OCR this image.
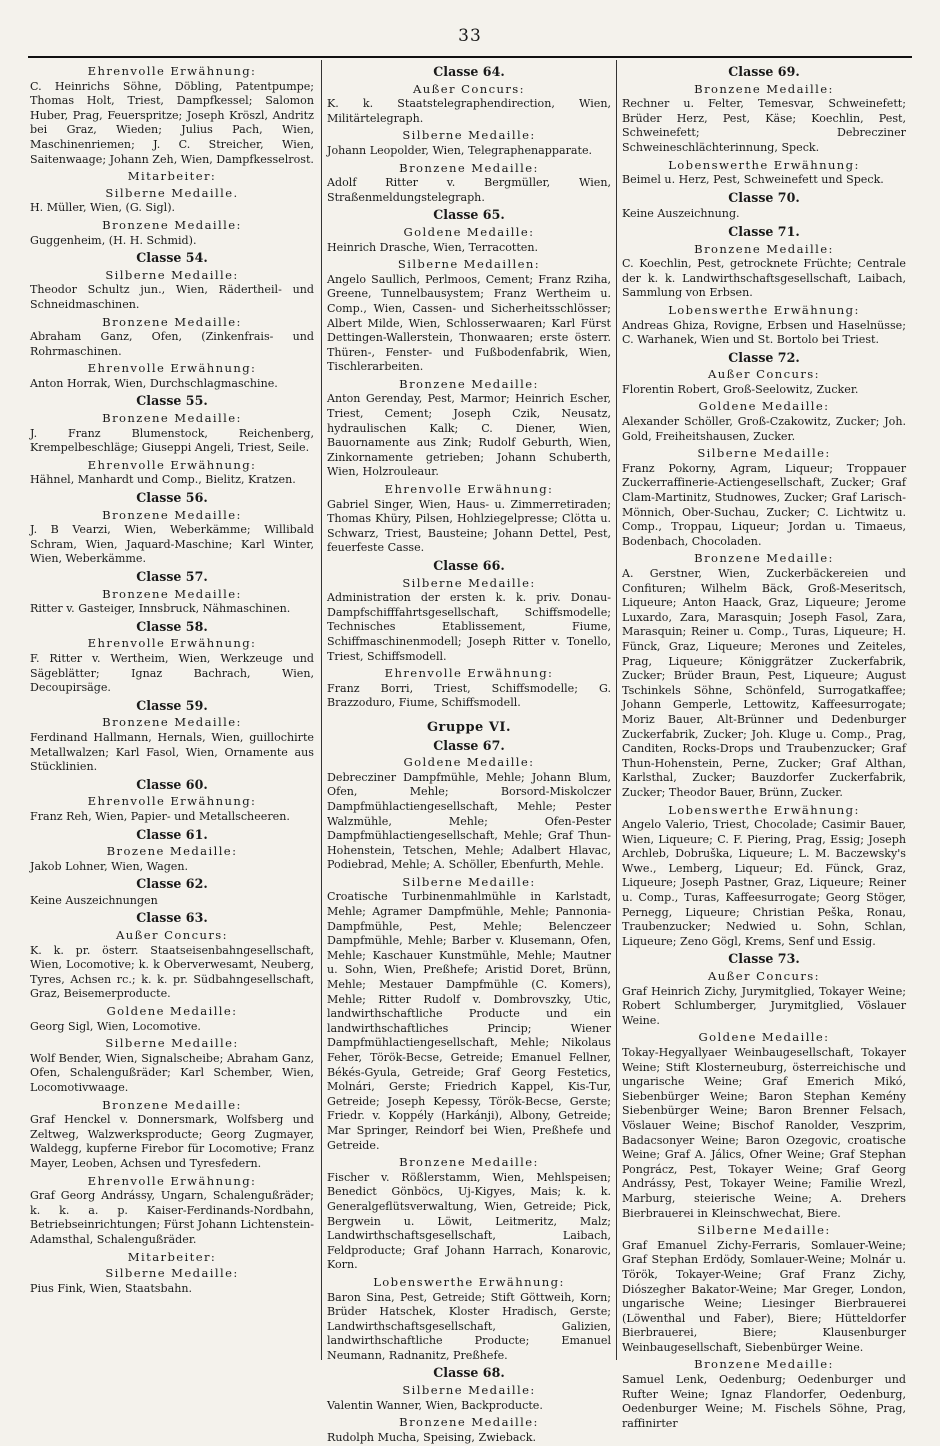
33
Ehrenvolle Erwähnung:
C. Heinrichs Söhne, Döbling, Patentpumpe; Thomas Holt, Triest, Dampfkessel; Salomon Huber, Prag, Feuerspritze; Joseph Kröszl, Andritz bei Graz, Wieden; Julius Pach, Wien, Maschinenriemen; J. C. Streicher, Wien, Saitenwaage; Johann Zeh, Wien, Dampfkesselrost.
Mitarbeiter:
Silberne Medaille.
H. Müller, Wien, (G. Sigl).
Bronzene Medaille:
Guggenheim, (H. H. Schmid).
Classe 54.
Silberne Medaille:
Theodor Schultz jun., Wien, Rädertheil- und Schneidmaschinen.
Bronzene Medaille:
Abraham Ganz, Ofen, (Zinkenfrais- und Rohrmaschinen.
Ehrenvolle Erwähnung:
Anton Horrak, Wien, Durchschlagmaschine.
Classe 55.
Bronzene Medaille:
J. Franz Blumenstock, Reichenberg, Krempelbeschläge; Giuseppi Angeli, Triest, Seile.
Ehrenvolle Erwähnung:
Hähnel, Manhardt und Comp., Bielitz, Kratzen.
Classe 56.
Bronzene Medaille:
J. B Vearzi, Wien, Weberkämme; Willibald Schram, Wien, Jaquard-Maschine; Karl Winter, Wien, Weberkämme.
Classe 57.
Bronzene Medaille:
Ritter v. Gasteiger, Innsbruck, Nähmaschinen.
Classe 58.
Ehrenvolle Erwähnung:
F. Ritter v. Wertheim, Wien, Werkzeuge und Sägeblätter; Ignaz Bachrach, Wien, Decoupirsäge.
Classe 59.
Bronzene Medaille:
Ferdinand Hallmann, Hernals, Wien, guillochirte Metallwalzen; Karl Fasol, Wien, Ornamente aus Stücklinien.
Classe 60.
Ehrenvolle Erwähnung:
Franz Reh, Wien, Papier- und Metallscheeren.
Classe 61.
Brozene Medaille:
Jakob Lohner, Wien, Wagen.
Classe 62.
Keine Auszeichnungen
Classe 63.
Außer Concurs:
K. k. pr. österr. Staatseisenbahngesellschaft, Wien, Locomotive; k. k Oberverwesamt, Neuberg, Tyres, Achsen rc.; k. k. pr. Südbahngesellschaft, Graz, Beisemerproducte.
Goldene Medaille:
Georg Sigl, Wien, Locomotive.
Silberne Medaille:
Wolf Bender, Wien, Signalscheibe; Abraham Ganz, Ofen, Schalengußräder; Karl Schember, Wien, Locomotivwaage.
Bronzene Medaille:
Graf Henckel v. Donnersmark, Wolfsberg und Zeltweg, Walzwerksproducte; Georg Zugmayer, Waldegg, kupferne Firebor für Locomotive; Franz Mayer, Leoben, Achsen und Tyresfedern.
Ehrenvolle Erwähnung:
Graf Georg Andrássy, Ungarn, Schalengußräder; k. k. a. p. Kaiser-Ferdinands-Nordbahn, Betriebseinrichtungen; Fürst Johann Lichtenstein-Adamsthal, Schalengußräder.
Mitarbeiter:
Silberne Medaille:
Pius Fink, Wien, Staatsbahn.
Classe 64.
Außer Concurs:
K. k. Staatstelegraphendirection, Wien, Militärtelegraph.
Silberne Medaille:
Johann Leopolder, Wien, Telegraphenapparate.
Bronzene Medaille:
Adolf Ritter v. Bergmüller, Wien, Straßenmeldungstelegraph.
Classe 65.
Goldene Medaille:
Heinrich Drasche, Wien, Terracotten.
Silberne Medaillen:
Angelo Saullich, Perlmoos, Cement; Franz Rziha, Greene, Tunnelbausystem; Franz Wertheim u. Comp., Wien, Cassen- und Sicherheitsschlösser; Albert Milde, Wien, Schlosserwaaren; Karl Fürst Dettingen-Wallerstein, Thonwaaren; erste österr. Thüren-, Fenster- und Fußbodenfabrik, Wien, Tischlerarbeiten.
Bronzene Medaille:
Anton Gerenday, Pest, Marmor; Heinrich Escher, Triest, Cement; Joseph Czik, Neusatz, hydraulischen Kalk; C. Diener, Wien, Bauornamente aus Zink; Rudolf Geburth, Wien, Zinkornamente getrieben; Johann Schuberth, Wien, Holzrouleaur.
Ehrenvolle Erwähnung:
Gabriel Singer, Wien, Haus- u. Zimmerretiraden; Thomas Khüry, Pilsen, Hohlziegelpresse; Clötta u. Schwarz, Triest, Bausteine; Johann Dettel, Pest, feuerfeste Casse.
Classe 66.
Silberne Medaille:
Administration der ersten k. k. priv. Donau-Dampfschifffahrtsgesellschaft, Schiffsmodelle; Technisches Etablissement, Fiume, Schiffmaschinenmodell; Joseph Ritter v. Tonello, Triest, Schiffsmodell.
Ehrenvolle Erwähnung:
Franz Borri, Triest, Schiffsmodelle; G. Brazzoduro, Fiume, Schiffsmodell.
Gruppe VI.
Classe 67.
Goldene Medaille:
Debrecziner Dampfmühle, Mehle; Johann Blum, Ofen, Mehle; Borsord-Miskolczer Dampfmühlactiengesellschaft, Mehle; Pester Walzmühle, Mehle; Ofen-Pester Dampfmühlactiengesellschaft, Mehle; Graf Thun-Hohenstein, Tetschen, Mehle; Adalbert Hlavac, Podiebrad, Mehle; A. Schöller, Ebenfurth, Mehle.
Silberne Medaille:
Croatische Turbinenmahlmühle in Karlstadt, Mehle; Agramer Dampfmühle, Mehle; Pannonia-Dampfmühle, Pest, Mehle; Belenczeer Dampfmühle, Mehle; Barber v. Klusemann, Ofen, Mehle; Kaschauer Kunstmühle, Mehle; Mautner u. Sohn, Wien, Preßhefe; Aristid Doret, Brünn, Mehle; Mestauer Dampfmühle (C. Komers), Mehle; Ritter Rudolf v. Dombrovszky, Utic, landwirthschaftliche Producte und ein landwirthschaftliches Princip; Wiener Dampfmühlactiengesellschaft, Mehle; Nikolaus Feher, Török-Becse, Getreide; Emanuel Fellner, Békés-Gyula, Getreide; Graf Georg Festetics, Molnári, Gerste; Friedrich Kappel, Kis-Tur, Getreide; Joseph Kepessy, Török-Becse, Gerste; Friedr. v. Koppély (Harkánji), Albony, Getreide; Mar Springer, Reindorf bei Wien, Preßhefe und Getreide.
Bronzene Medaille:
Fischer v. Rößlerstamm, Wien, Mehlspeisen; Benedict Gönböcs, Uj-Kigyes, Mais; k. k. Generalgeflütsverwaltung, Wien, Getreide; Pick, Bergwein u. Löwit, Leitmeritz, Malz; Landwirthschaftsgesellschaft, Laibach, Feldproducte; Graf Johann Harrach, Konarovic, Korn.
Lobenswerthe Erwähnung:
Baron Sina, Pest, Getreide; Stift Göttweih, Korn; Brüder Hatschek, Kloster Hradisch, Gerste; Landwirthschaftsgesellschaft, Galizien, landwirthschaftliche Producte; Emanuel Neumann, Radnanitz, Preßhefe.
Classe 68.
Silberne Medaille:
Valentin Wanner, Wien, Backproducte.
Bronzene Medaille:
Rudolph Mucha, Speising, Zwieback.
Classe 69.
Bronzene Medaille:
Rechner u. Felter, Temesvar, Schweinefett; Brüder Herz, Pest, Käse; Koechlin, Pest, Schweinefett; Debrecziner Schweineschlächterinnung, Speck.
Lobenswerthe Erwähnung:
Beimel u. Herz, Pest, Schweinefett und Speck.
Classe 70.
Keine Auszeichnung.
Classe 71.
Bronzene Medaille:
C. Koechlin, Pest, getrocknete Früchte; Centrale der k. k. Landwirthschaftsgesellschaft, Laibach, Sammlung von Erbsen.
Lobenswerthe Erwähnung:
Andreas Ghiza, Rovigne, Erbsen und Haselnüsse; C. Warhanek, Wien und St. Bortolo bei Triest.
Classe 72.
Außer Concurs:
Florentin Robert, Groß-Seelowitz, Zucker.
Goldene Medaille:
Alexander Schöller, Groß-Czakowitz, Zucker; Joh. Gold, Freiheitshausen, Zucker.
Silberne Medaille:
Franz Pokorny, Agram, Liqueur; Troppauer Zuckerraffinerie-Actiengesellschaft, Zucker; Graf Clam-Martinitz, Studnowes, Zucker; Graf Larisch-Mönnich, Ober-Suchau, Zucker; C. Lichtwitz u. Comp., Troppau, Liqueur; Jordan u. Timaeus, Bodenbach, Chocoladen.
Bronzene Medaille:
A. Gerstner, Wien, Zuckerbäckereien und Confituren; Wilhelm Bäck, Groß-Meseritsch, Liqueure; Anton Haack, Graz, Liqueure; Jerome Luxardo, Zara, Marasquin; Joseph Fasol, Zara, Marasquin; Reiner u. Comp., Turas, Liqueure; H. Fünck, Graz, Liqueure; Merones und Zeiteles, Prag, Liqueure; Königgrätzer Zuckerfabrik, Zucker; Brüder Braun, Pest, Liqueure; August Tschinkels Söhne, Schönfeld, Surrogatkaffee; Johann Gemperle, Lettowitz, Kaffeesurrogate; Moriz Bauer, Alt-Brünner und Dedenburger Zuckerfabrik, Zucker; Joh. Kluge u. Comp., Prag, Canditen, Rocks-Drops und Traubenzucker; Graf Thun-Hohenstein, Perne, Zucker; Graf Althan, Karlsthal, Zucker; Bauzdorfer Zuckerfabrik, Zucker; Theodor Bauer, Brünn, Zucker.
Lobenswerthe Erwähnung:
Angelo Valerio, Triest, Chocolade; Casimir Bauer, Wien, Liqueure; C. F. Piering, Prag, Essig; Joseph Archleb, Dobruška, Liqueure; L. M. Baczewsky's Wwe., Lemberg, Liqueur; Ed. Fünck, Graz, Liqueure; Joseph Pastner, Graz, Liqueure; Reiner u. Comp., Turas, Kaffeesurrogate; Georg Stöger, Pernegg, Liqueure; Christian Peška, Ronau, Traubenzucker; Nedwied u. Sohn, Schlan, Liqueure; Zeno Gögl, Krems, Senf und Essig.
Classe 73.
Außer Concurs:
Graf Heinrich Zichy, Jurymitglied, Tokayer Weine; Robert Schlumberger, Jurymitglied, Vöslauer Weine.
Goldene Medaille:
Tokay-Hegyallyaer Weinbaugesellschaft, Tokayer Weine; Stift Klosterneuburg, österreichische und ungarische Weine; Graf Emerich Mikó, Siebenbürger Weine; Baron Stephan Kemény Siebenbürger Weine; Baron Brenner Felsach, Vöslauer Weine; Bischof Ranolder, Veszprim, Badacsonyer Weine; Baron Ozegovic, croatische Weine; Graf A. Jálics, Ofner Weine; Graf Stephan Pongrácz, Pest, Tokayer Weine; Graf Georg Andrássy, Pest, Tokayer Weine; Familie Wrezl, Marburg, steierische Weine; A. Drehers Bierbrauerei in Kleinschwechat, Biere.
Silberne Medaille:
Graf Emanuel Zichy-Ferraris, Somlauer-Weine; Graf Stephan Erdödy, Somlauer-Weine; Molnár u. Török, Tokayer-Weine; Graf Franz Zichy, Diószegher Bakator-Weine; Mar Greger, London, ungarische Weine; Liesinger Bierbrauerei (Löwenthal und Faber), Biere; Hütteldorfer Bierbrauerei, Biere; Klausenburger Weinbaugesellschaft, Siebenbürger Weine.
Bronzene Medaille:
Samuel Lenk, Oedenburg; Oedenburger und Rufter Weine; Ignaz Flandorfer, Oedenburg, Oedenburger Weine; M. Fischels Söhne, Prag, raffinirter
